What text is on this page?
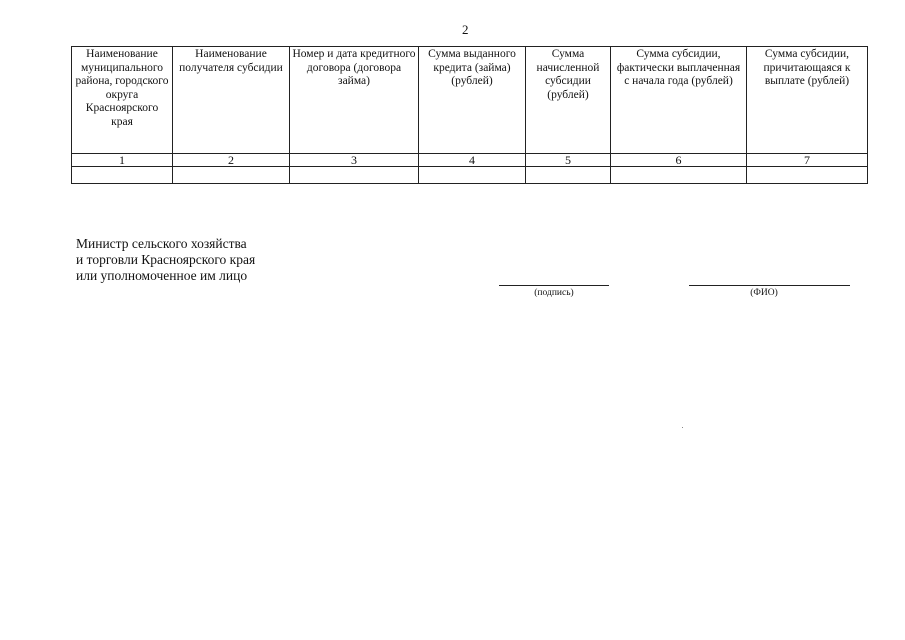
2
Наименование муниципального района, городского округа Красноярского края	Наименование получателя субсидии	Номер и дата кредитного договора (договора займа)	Сумма выданного кредита (займа) (рублей)	Сумма начисленной субсидии (рублей)	Сумма субсидии, фактически выплаченная с начала года (рублей)	Сумма субсидии, причитающаяся к выплате (рублей)
1	2	3	4	5	6	7

Министр сельского хозяйства
и торговли Красноярского края
или уполномоченное им лицо
(подпись)	(ФИО)
